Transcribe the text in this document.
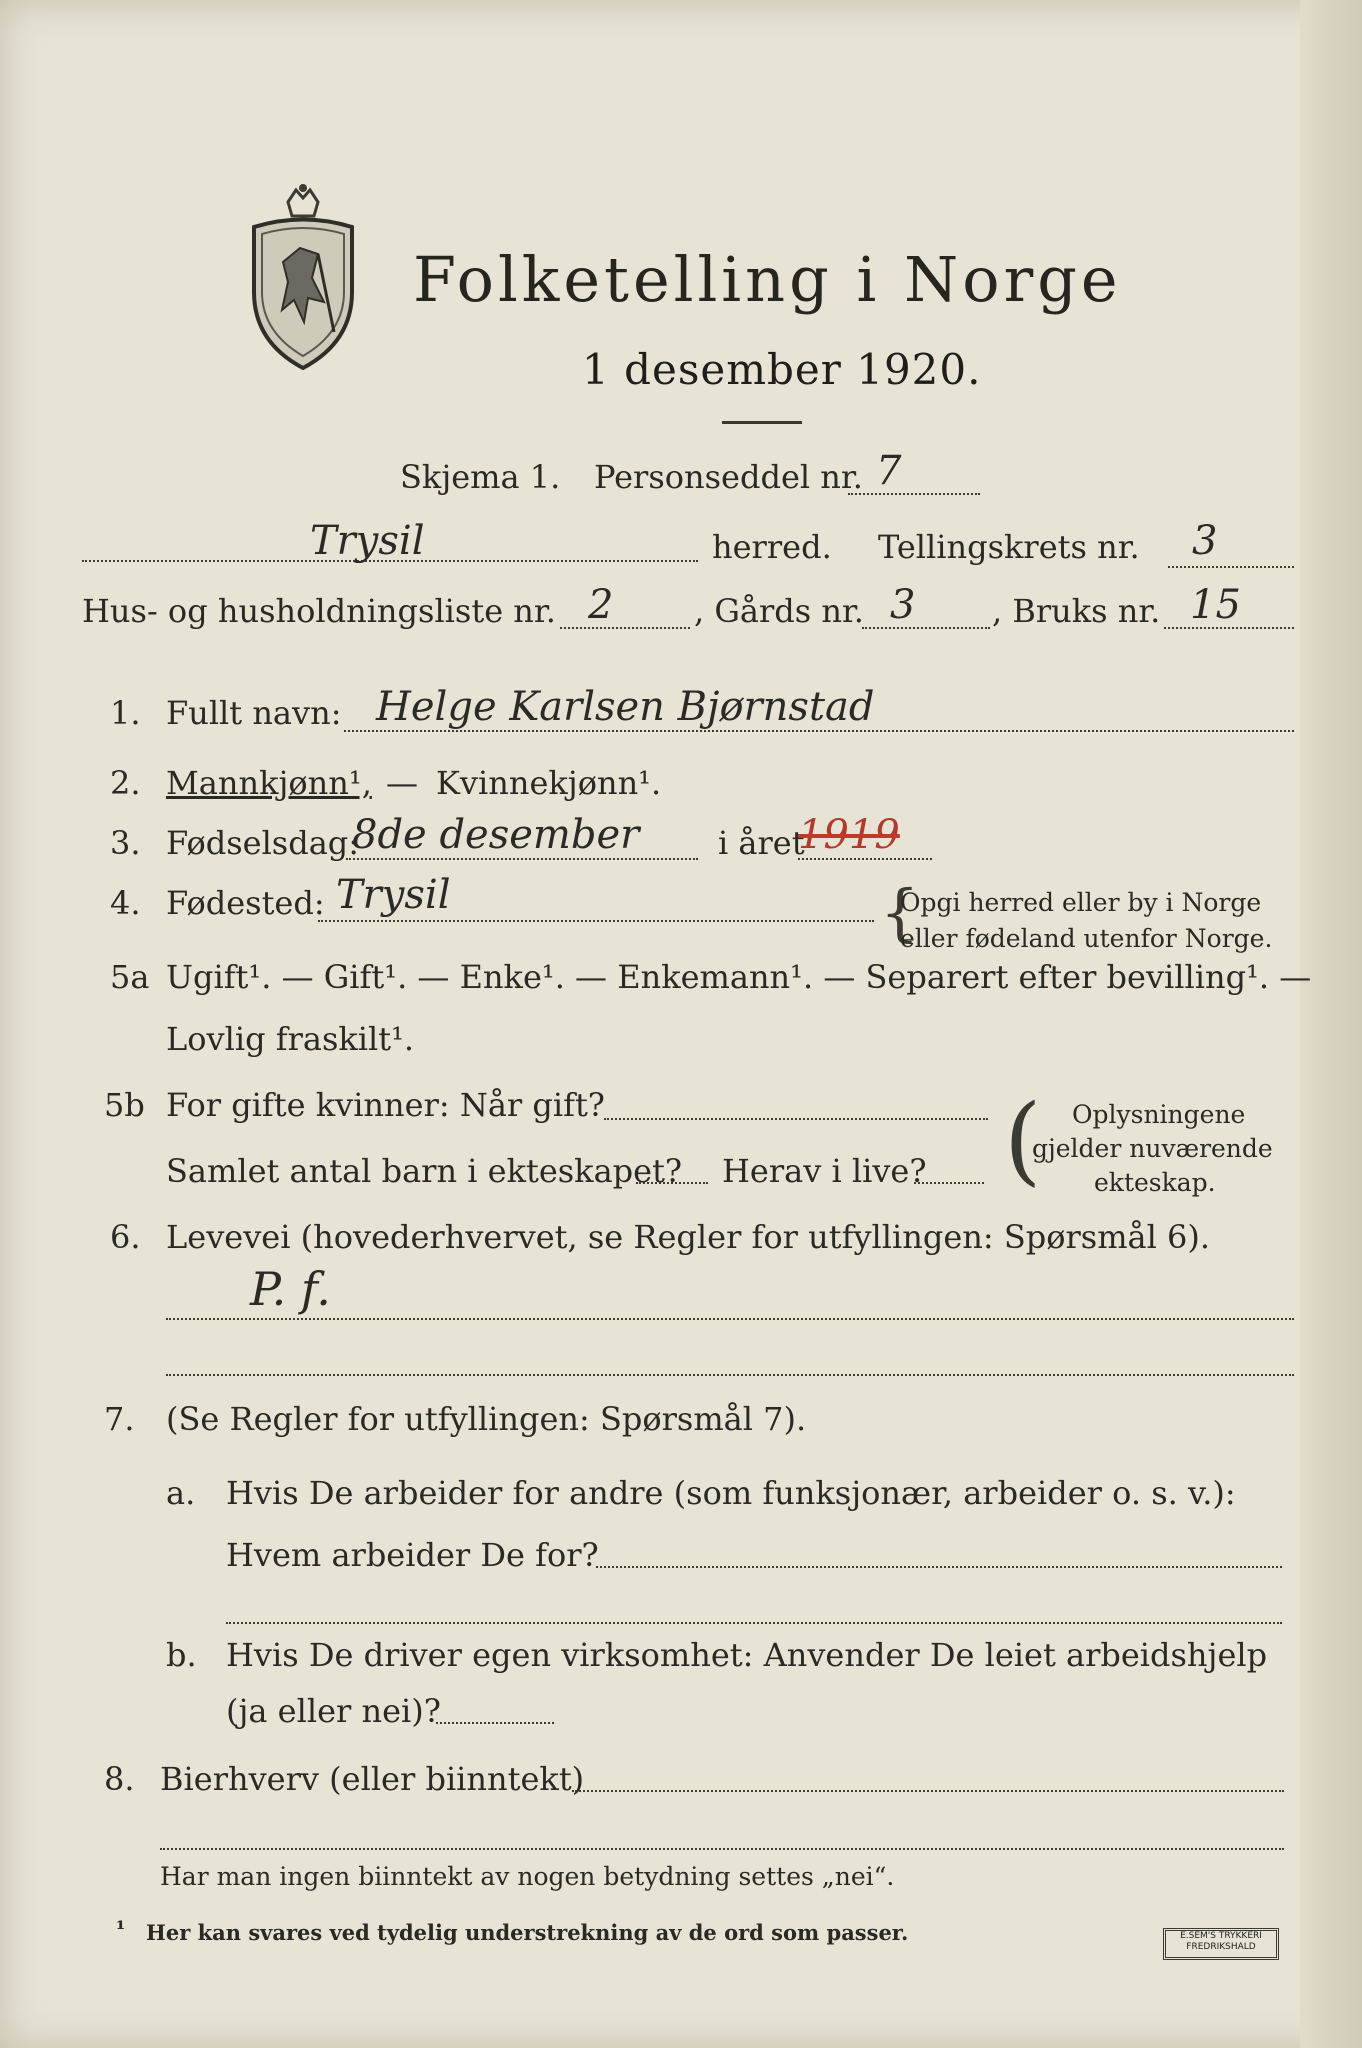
Folketelling i Norge
1 desember 1920.
Skjema 1. Personseddel nr. 7
Trysil	herred. Tellingskrets nr. 3
Hus- og husholdningsliste nr. 2	, Gårds nr. 3 , Bruks nr. 15
1. Fullt navn: Helge Karlsen Bjørnstad
2. Mannkjønn¹, — Kvinnekjønn¹.
3. Fødselsdag:
8de desember i året
1919
4. Fødested: Trysil	{
Opgi herred eller by i Norge
eller fødeland utenfor Norge.
5a Ugift¹. — Gift¹. — Enke¹. — Enkemann¹. — Separert efter bevilling¹. —
Lovlig fraskilt¹.
5b For gifte kvinner: Når gift?
Samlet antal barn i ekteskapet? Herav i live? ( Oplysningene
gjelder nuværende
ekteskap.
6. Levevei (hovederhvervet, se Regler for utfyllingen: Spørsmål 6).
P. f.
7. (Se Regler for utfyllingen: Spørsmål 7).
a. Hvis De arbeider for andre (som funksjonær, arbeider o. s. v.):
Hvem arbeider De for?
b. Hvis De driver egen virksomhet: Anvender De leiet arbeidshjelp
(ja eller nei)?
8. Bierhverv (eller biinntekt)
Har man ingen biinntekt av nogen betydning settes „nei“.
¹ Her kan svares ved tydelig understrekning av de ord som passer.	E.SEM'S TRYKKERI
FREDRIKSHALD
